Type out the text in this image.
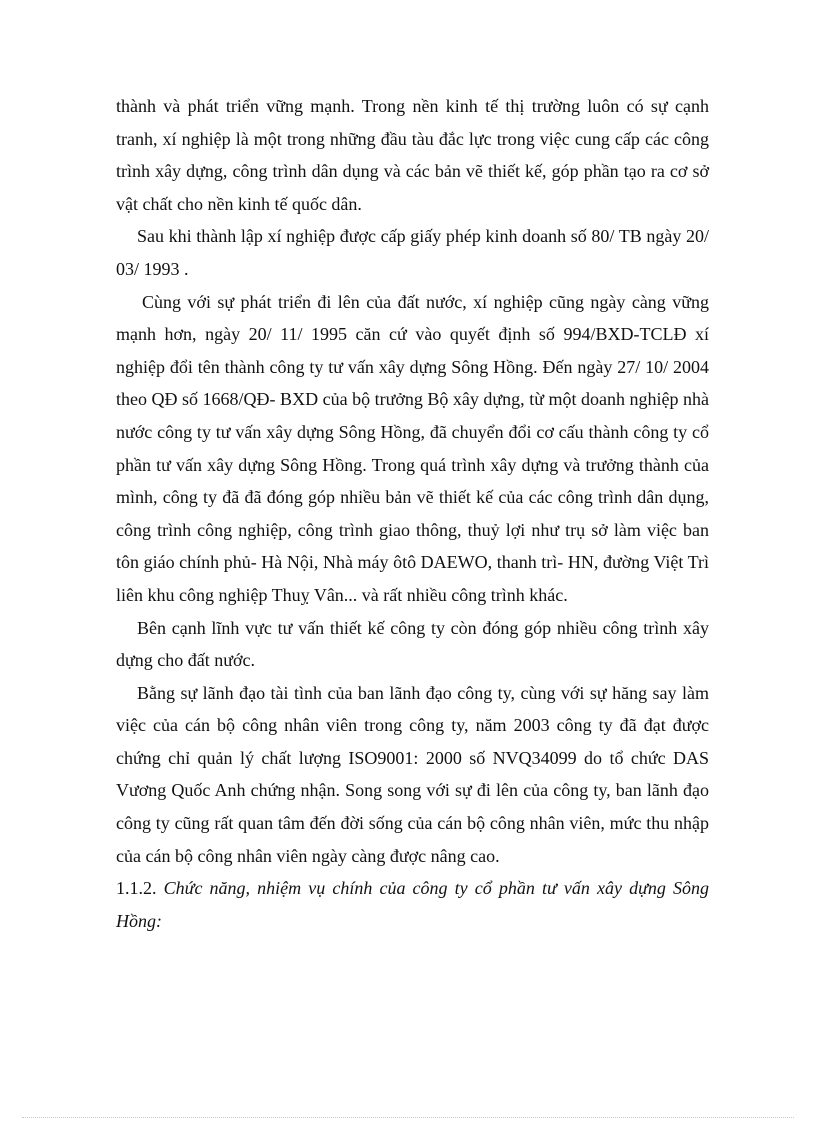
thành và phát triển vững mạnh. Trong nền kinh tế thị trường luôn có sự cạnh tranh, xí nghiệp là một trong những đầu tàu đắc lực trong việc cung cấp các công trình xây dựng, công trình dân dụng và các bản vẽ thiết kế, góp phần tạo ra cơ sở vật chất cho nền kinh tế quốc dân.

Sau khi thành lập xí nghiệp được cấp giấy phép kinh doanh số 80/ TB ngày 20/ 03/ 1993 .

Cùng với sự phát triển đi lên của đất nước, xí nghiệp cũng ngày càng vững mạnh hơn, ngày 20/ 11/ 1995 căn cứ vào quyết định số 994/BXD-TCLĐ xí nghiệp đổi tên thành công ty tư vấn xây dựng Sông Hồng. Đến ngày 27/ 10/ 2004 theo QĐ số 1668/QĐ- BXD của bộ trưởng Bộ xây dựng, từ một doanh nghiệp nhà nước công ty tư vấn xây dựng Sông Hồng, đã chuyển đổi cơ cấu thành công ty cổ phần tư vấn xây dựng Sông Hồng. Trong quá trình xây dựng và trưởng thành của mình, công ty đã đã đóng góp nhiều bản vẽ thiết kế của các công trình dân dụng, công trình công nghiệp, công trình giao thông, thuỷ lợi như trụ sở làm việc ban tôn giáo chính phủ- Hà Nội, Nhà máy ôtô DAEWO, thanh trì- HN, đường Việt Trì liên khu công nghiệp Thuỵ Vân... và rất nhiều công trình khác.

Bên cạnh lĩnh vực tư vấn thiết kế công ty còn đóng góp nhiều công trình xây dựng cho đất nước.

Bằng sự lãnh đạo tài tình của ban lãnh đạo công ty, cùng với sự hăng say làm việc của cán bộ công nhân viên trong công ty, năm 2003 công ty đã đạt được chứng chỉ quản lý chất lượng ISO9001: 2000 số NVQ34099 do tổ chức DAS Vương Quốc Anh chứng nhận. Song song với sự đi lên của công ty, ban lãnh đạo công ty cũng rất quan tâm đến đời sống của cán bộ công nhân viên, mức thu nhập của cán bộ công nhân viên ngày càng được nâng cao.

1.1.2. Chức năng, nhiệm vụ chính của công ty cổ phần tư vấn xây dựng Sông Hồng:
